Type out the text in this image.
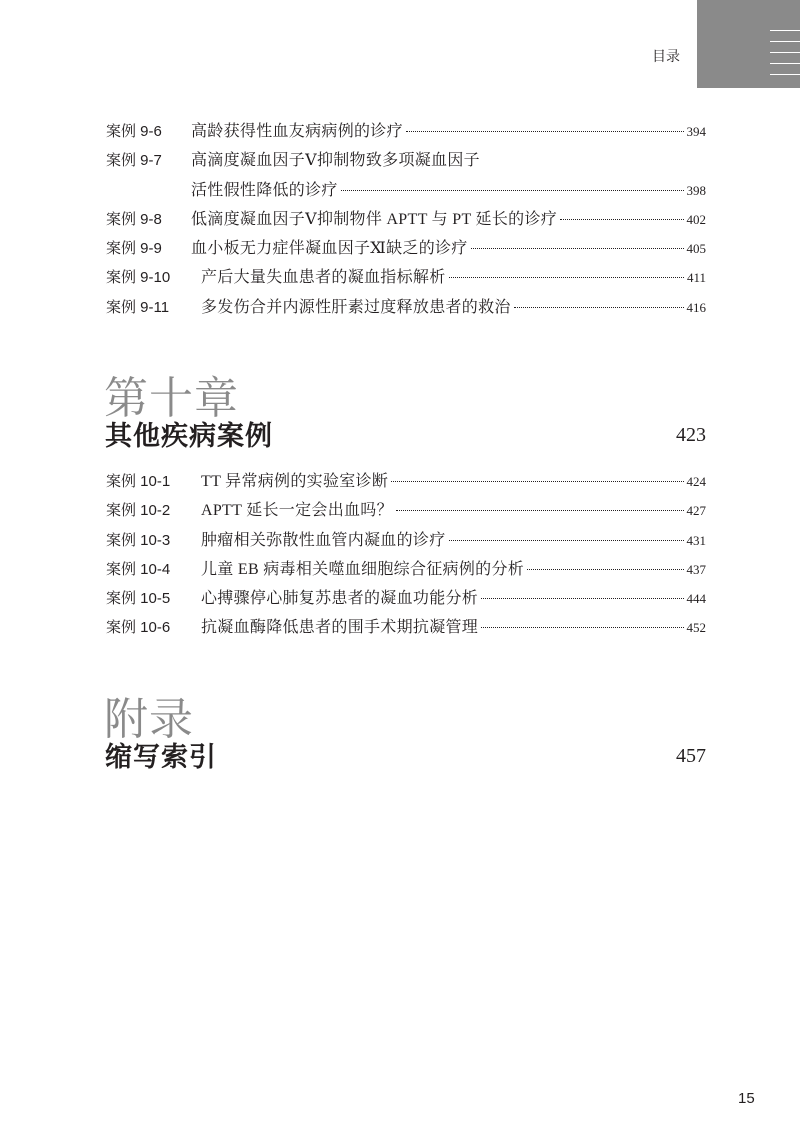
目录
案例 9-6	高龄获得性血友病病例的诊疗	394
案例 9-7	高滴度凝血因子Ⅴ抑制物致多项凝血因子
活性假性降低的诊疗	398
案例 9-8	低滴度凝血因子Ⅴ抑制物伴 APTT 与 PT 延长的诊疗	402
案例 9-9	血小板无力症伴凝血因子Ⅺ缺乏的诊疗	405
案例 9-10	产后大量失血患者的凝血指标解析	411
案例 9-11	多发伤合并内源性肝素过度释放患者的救治	416
第十章
其他疾病案例	423
案例 10-1	TT 异常病例的实验室诊断	424
案例 10-2	APTT 延长一定会出血吗？	427
案例 10-3	肿瘤相关弥散性血管内凝血的诊疗	431
案例 10-4	儿童 EB 病毒相关噬血细胞综合征病例的分析	437
案例 10-5	心搏骤停心肺复苏患者的凝血功能分析	444
案例 10-6	抗凝血酶降低患者的围手术期抗凝管理	452
附录
缩写索引	457
15
